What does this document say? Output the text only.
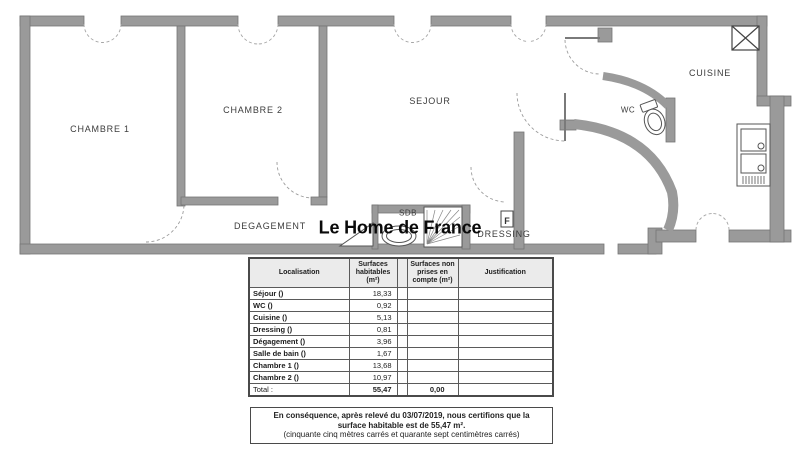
F
CHAMBRE 1
CHAMBRE 2
SEJOUR
CUISINE
WC
DEGAGEMENT
SDB
DRESSING
Le Home de France
Localisation	Surfaces habitables (m²)		Surfaces non prises en compte (m²)	Justification
Séjour ()	18,33			
WC ()	0,92			
Cuisine ()	5,13			
Dressing ()	0,81			
Dégagement ()	3,96			
Salle de bain ()	1,67			
Chambre 1 ()	13,68			
Chambre 2 ()	10,97			
Total :	55,47		0,00	
En conséquence, après relevé du 03/07/2019, nous certifions que la
surface habitable est de 55,47 m².
(cinquante cinq mètres carrés et quarante sept centimètres carrés)
